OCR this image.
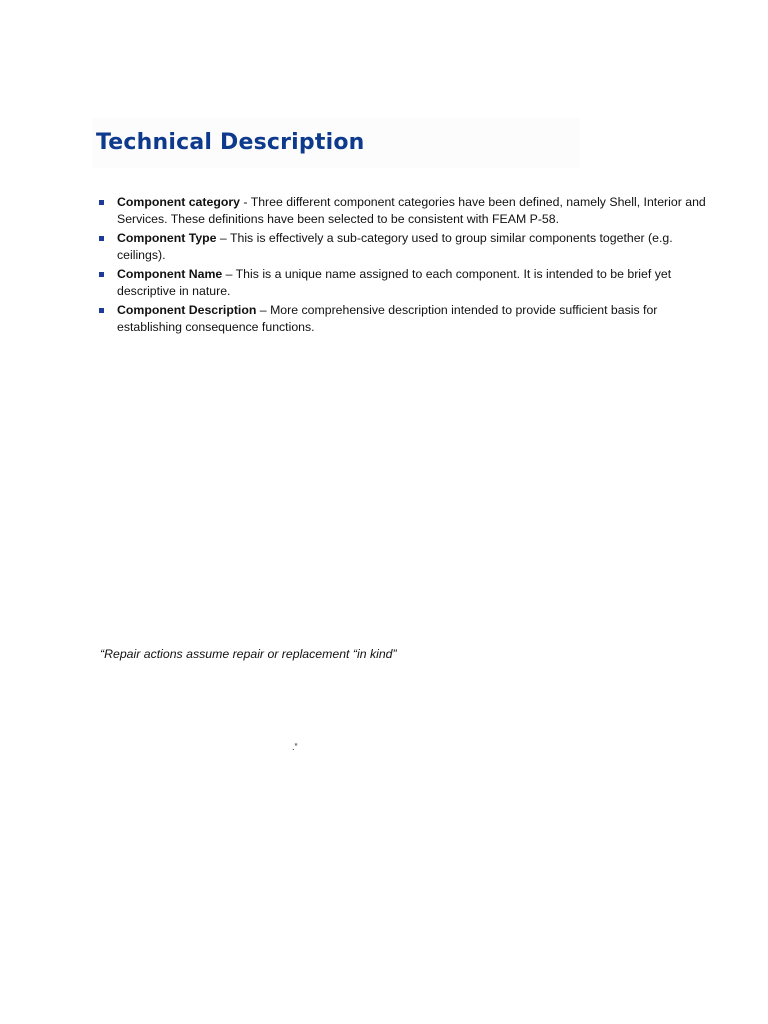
Technical Description
Component category - Three different component categories have been defined, namely Shell, Interior and Services. These definitions have been selected to be consistent with FEAM P-58.
Component Type – This is effectively a sub-category used to group similar components together (e.g. ceilings).
Component Name – This is a unique name assigned to each component. It is intended to be brief yet descriptive in nature.
Component Description – More comprehensive description intended to provide sufficient basis for establishing consequence functions.

“Repair actions assume repair or replacement “in kind”

.”
